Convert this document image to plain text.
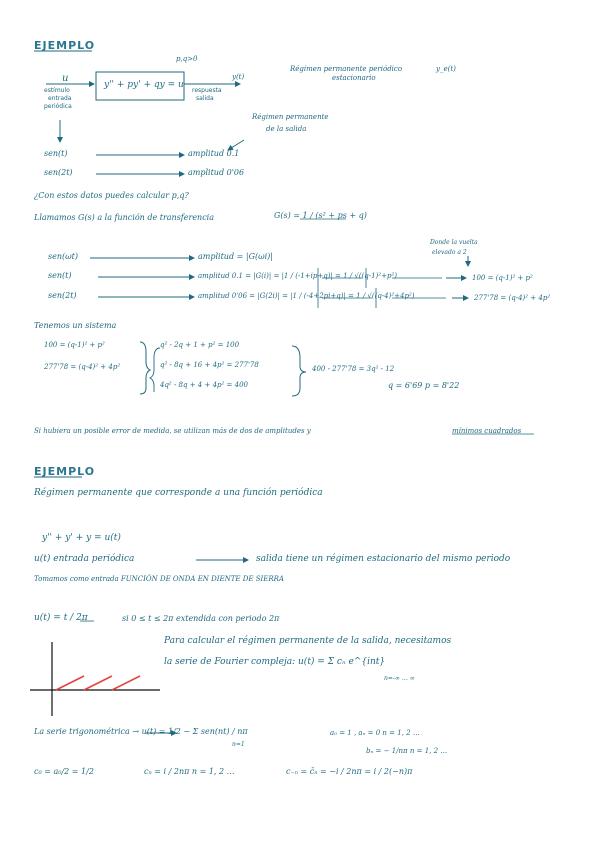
EJEMPLO
p,q>0
u
estímulo
entrada
periódica
y'' + py' + qy = u
y(t)
respuesta
salida
Régimen permanente periódico
estacionario
y_e(t)
Régimen permanente
de la salida
sen(t)
sen(2t)
amplitud 0.1
amplitud 0'06
¿Con estos datos puedes calcular p,q?
Llamamos G(s) a la función de transferencia	G(s) = 1 / (s² + ps + q)
sen(ωt)	amplitud = |G(ωi)|
sen(t)
sen(2t)
amplitud 0.1 = |G(i)| = |1 / (-1+ip+q)| = 1 / √((q-1)²+p²)
amplitud 0'06 = |G(2i)| = |1 / (-4+2pi+q)| = 1 / √((q-4)²+4p²)
Donde la vuelta
elevado a 2
100 = (q-1)² + p²
277'78 = (q-4)² + 4p²
Tenemos un sistema
100 = (q-1)² + p²
277'78 = (q-4)² + 4p²
q² - 2q + 1 + p² = 100
q² - 8q + 16 + 4p² = 277'78
4q² - 8q + 4 + 4p² = 400
400 - 277'78 = 3q² - 12
q = 6'69 p = 8'22
Si hubiera un posible error de medida, se utilizan más de dos de amplitudes y	mínimos cuadrados
EJEMPLO
Régimen permanente que corresponde a una función periódica
y'' + y' + y = u(t)
u(t) entrada periódica	salida tiene un régimen estacionario del mismo periodo
Tomamos como entrada FUNCIÓN DE ONDA EN DIENTE DE SIERRA
u(t) = t / 2π	si 0 ≤ t ≤ 2π extendida con periodo 2π
Para calcular el régimen permanente de la salida, necesitamos
la serie de Fourier compleja: u(t) = Σ cₙ e^{int}
n=-∞ … ∞
La serie trigonométrica → u(t) = 1/2 − Σ sen(nt) / nπ
n=1
a₀ = 1 , aₙ = 0 n = 1, 2 …
bₙ = − 1/nπ n = 1, 2 …
c₀ = a₀/2 = 1/2	cₙ = i / 2nπ n = 1, 2 …	c₋ₙ = c̄ₙ = −i / 2nπ = i / 2(−n)π
